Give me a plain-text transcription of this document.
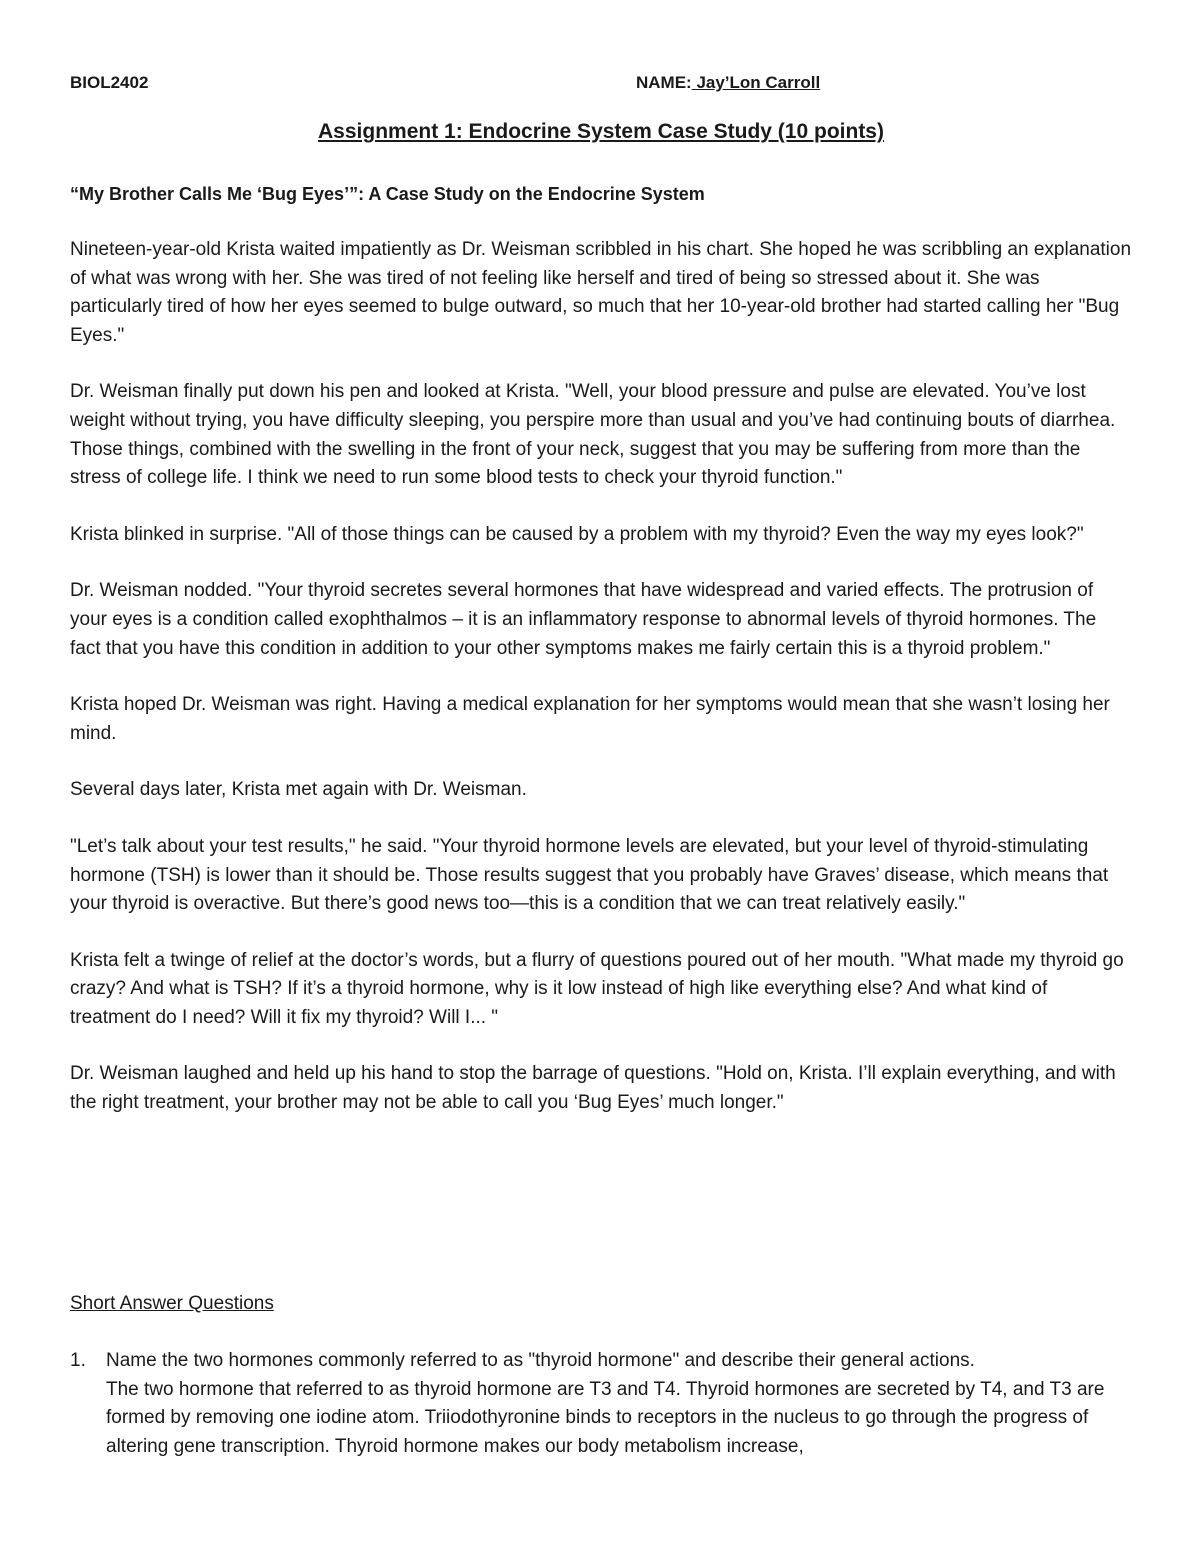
BIOL2402	NAME: Jay’Lon Carroll
Assignment 1: Endocrine System Case Study (10 points)
“My Brother Calls Me ‘Bug Eyes’”: A Case Study on the Endocrine System

Nineteen-year-old Krista waited impatiently as Dr. Weisman scribbled in his chart. She hoped he was scribbling an explanation of what was wrong with her. She was tired of not feeling like herself and tired of being so stressed about it. She was particularly tired of how her eyes seemed to bulge outward, so much that her 10-year-old brother had started calling her "Bug Eyes."

Dr. Weisman finally put down his pen and looked at Krista. "Well, your blood pressure and pulse are elevated. You’ve lost weight without trying, you have difficulty sleeping, you perspire more than usual and you’ve had continuing bouts of diarrhea. Those things, combined with the swelling in the front of your neck, suggest that you may be suffering from more than the stress of college life. I think we need to run some blood tests to check your thyroid function."

Krista blinked in surprise. "All of those things can be caused by a problem with my thyroid? Even the way my eyes look?"

Dr. Weisman nodded. "Your thyroid secretes several hormones that have widespread and varied effects. The protrusion of your eyes is a condition called exophthalmos – it is an inflammatory response to abnormal levels of thyroid hormones. The fact that you have this condition in addition to your other symptoms makes me fairly certain this is a thyroid problem."

Krista hoped Dr. Weisman was right. Having a medical explanation for her symptoms would mean that she wasn’t losing her mind.

Several days later, Krista met again with Dr. Weisman.

"Let’s talk about your test results," he said. "Your thyroid hormone levels are elevated, but your level of thyroid-stimulating hormone (TSH) is lower than it should be. Those results suggest that you probably have Graves’ disease, which means that your thyroid is overactive. But there’s good news too—this is a condition that we can treat relatively easily."

Krista felt a twinge of relief at the doctor’s words, but a flurry of questions poured out of her mouth. "What made my thyroid go crazy? And what is TSH? If it’s a thyroid hormone, why is it low instead of high like everything else? And what kind of treatment do I need? Will it fix my thyroid? Will I... "

Dr. Weisman laughed and held up his hand to stop the barrage of questions. "Hold on, Krista. I’ll explain everything, and with the right treatment, your brother may not be able to call you ‘Bug Eyes’ much longer."

Short Answer Questions
1. Name the two hormones commonly referred to as "thyroid hormone" and describe their general actions.
The two hormone that referred to as thyroid hormone are T3 and T4. Thyroid hormones are secreted by T4, and T3 are formed by removing one iodine atom. Triiodothyronine binds to receptors in the nucleus to go through the progress of altering gene transcription. Thyroid hormone makes our body metabolism increase,
